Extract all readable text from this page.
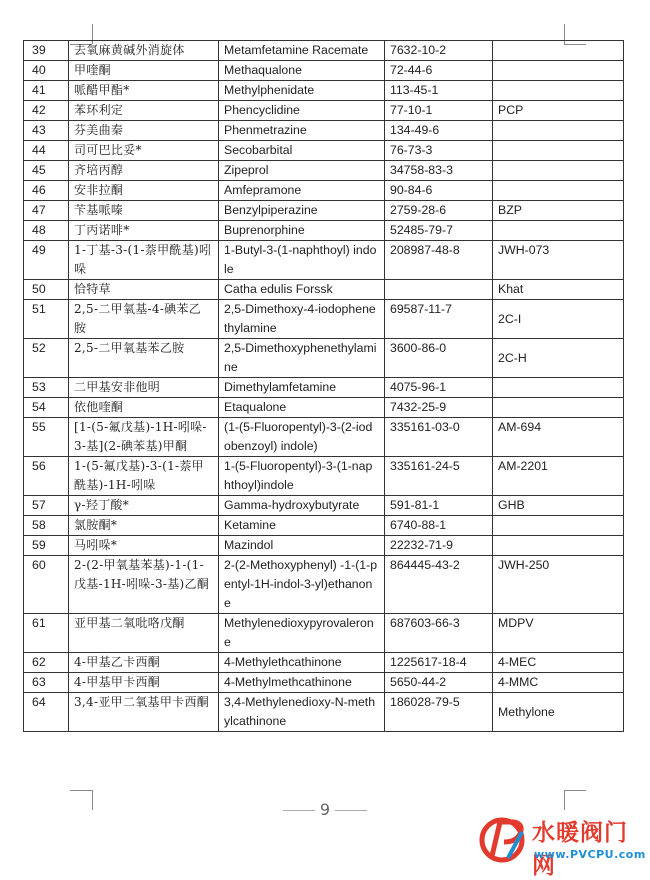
39	去氧麻黄碱外消旋体	Metamfetamine Racemate	7632-10-2	
40	甲喹酮	Methaqualone	72-44-6	
41	哌醋甲酯*	Methylphenidate	113-45-1	
42	苯环利定	Phencyclidine	77-10-1	PCP
43	芬美曲秦	Phenmetrazine	134-49-6	
44	司可巴比妥*	Secobarbital	76-73-3	
45	齐培丙醇	Zipeprol	34758-83-3	
46	安非拉酮	Amfepramone	90-84-6	
47	苄基哌嗪	Benzylpiperazine	2759-28-6	BZP
48	丁丙诺啡*	Buprenorphine	52485-79-7	
49	1-丁基-3-(1-萘甲酰基)吲哚	1-Butyl-3-(1-naphthoyl) indole	208987-48-8	JWH-073
50	恰特草	Catha edulis Forssk		Khat
51	2,5-二甲氧基-4-碘苯乙胺	2,5-Dimethoxy-4-iodophenethylamine	69587-11-7	2C-I
52	2,5-二甲氧基苯乙胺	2,5-Dimethoxyphenethylamine	3600-86-0	2C-H
53	二甲基安非他明	Dimethylamfetamine	4075-96-1	
54	依他喹酮	Etaqualone	7432-25-9	
55	[1-(5-氟戊基)-1H-吲哚-3-基](2-碘苯基)甲酮	(1-(5-Fluoropentyl)-3-(2-iodobenzoyl) indole)	335161-03-0	AM-694
56	1-(5-氟戊基)-3-(1-萘甲酰基)-1H-吲哚	1-(5-Fluoropentyl)-3-(1-naphthoyl)indole	335161-24-5	AM-2201
57	γ-羟丁酸*	Gamma-hydroxybutyrate	591-81-1	GHB
58	氯胺酮*	Ketamine	6740-88-1	
59	马吲哚*	Mazindol	22232-71-9	
60	2-(2-甲氧基苯基)-1-(1-戊基-1H-吲哚-3-基)乙酮	2-(2-Methoxyphenyl) -1-(1-pentyl-1H-indol-3-yl)ethanone	864445-43-2	JWH-250
61	亚甲基二氧吡咯戊酮	Methylenedioxypyrovalerone	687603-66-3	MDPV
62	4-甲基乙卡西酮	4-Methylethcathinone	1225617-18-4	4-MEC
63	4-甲基甲卡西酮	4-Methylmethcathinone	5650-44-2	4-MMC
64	3,4-亚甲二氧基甲卡西酮	3,4-Methylenedioxy-N-methylcathinone	186028-79-5	Methylone
9
水暖阀门网
www.PVCPU.com
